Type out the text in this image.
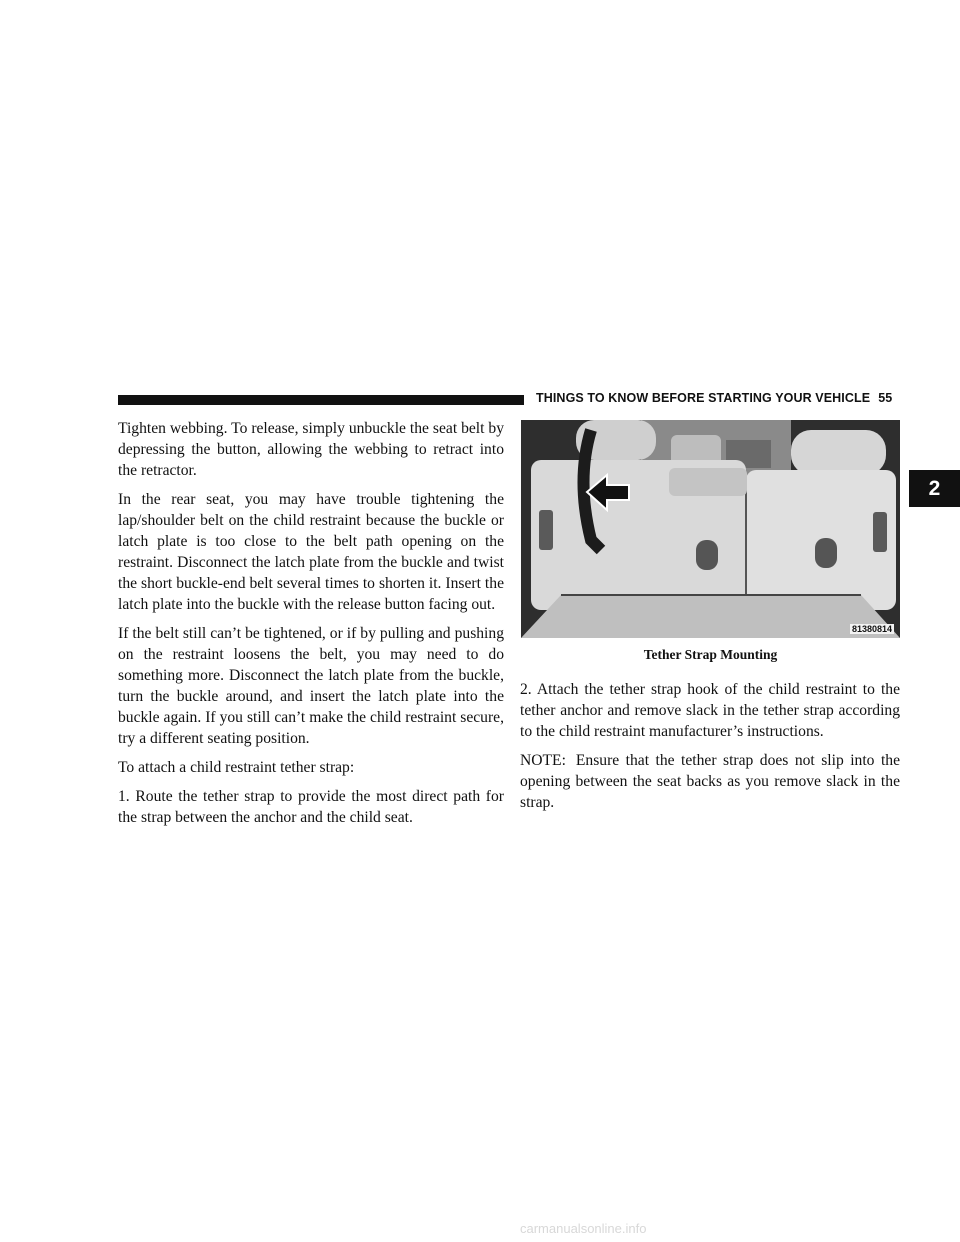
THINGS TO KNOW BEFORE STARTING YOUR VEHICLE 55
2

Tighten webbing. To release, simply unbuckle the seat belt by depressing the button, allowing the webbing to retract into the retractor.

In the rear seat, you may have trouble tightening the lap/shoulder belt on the child restraint because the buckle or latch plate is too close to the belt path opening on the restraint. Disconnect the latch plate from the buckle and twist the short buckle-end belt several times to shorten it. Insert the latch plate into the buckle with the release button facing out.

If the belt still can’t be tightened, or if by pulling and pushing on the restraint loosens the belt, you may need to do something more. Disconnect the latch plate from the buckle, turn the buckle around, and insert the latch plate into the buckle again. If you still can’t make the child restraint secure, try a different seating position.

To attach a child restraint tether strap:

1. Route the tether strap to provide the most direct path for the strap between the anchor and the child seat.

81380814
Tether Strap Mounting

2. Attach the tether strap hook of the child restraint to the tether anchor and remove slack in the tether strap according to the child restraint manufacturer’s instructions.

NOTE: Ensure that the tether strap does not slip into the opening between the seat backs as you remove slack in the strap.

carmanualsonline.info
